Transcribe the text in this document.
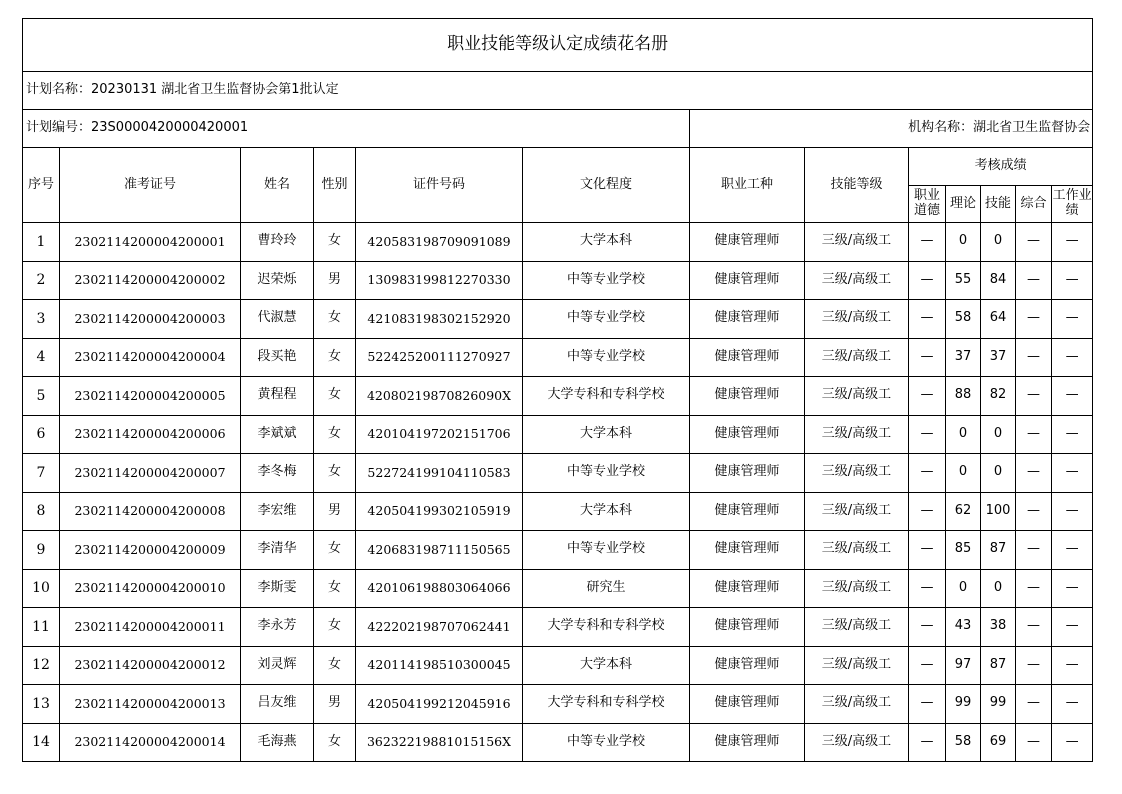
职业技能等级认定成绩花名册												
计划名称：20230131 湖北省卫生监督协会第1批认定												
计划编号：23S000042000042000​1						机构名称：湖北省卫生监督协会						
序号	准考证号	姓名	性别	证件号码	文化程度	职业工种	技能等级	考核成绩				
								职业道德	理论	技能	综合	工作业绩
1	2302114200004200001	曹玲玲	女	420583198709091089	大学本科	健康管理师	三级/高级工	—	0	0	—	—
2	2302114200004200002	迟荣烁	男	130983199812270330	中等专业学校	健康管理师	三级/高级工	—	55	84	—	—
3	2302114200004200003	代淑慧	女	421083198302152920	中等专业学校	健康管理师	三级/高级工	—	58	64	—	—
4	2302114200004200004	段买艳	女	522425200111270927	中等专业学校	健康管理师	三级/高级工	—	37	37	—	—
5	2302114200004200005	黄程程	女	42080219870826090X	大学专科和专科学校	健康管理师	三级/高级工	—	88	82	—	—
6	2302114200004200006	李斌斌	女	420104197202151706	大学本科	健康管理师	三级/高级工	—	0	0	—	—
7	2302114200004200007	李冬梅	女	522724199104110583	中等专业学校	健康管理师	三级/高级工	—	0	0	—	—
8	2302114200004200008	李宏维	男	420504199302105919	大学本科	健康管理师	三级/高级工	—	62	100	—	—
9	2302114200004200009	李清华	女	420683198711150565	中等专业学校	健康管理师	三级/高级工	—	85	87	—	—
10	2302114200004200010	李斯雯	女	420106198803064066	研究生	健康管理师	三级/高级工	—	0	0	—	—
11	2302114200004200011	李永芳	女	422202198707062441	大学专科和专科学校	健康管理师	三级/高级工	—	43	38	—	—
12	2302114200004200012	刘灵辉	女	420114198510300045	大学本科	健康管理师	三级/高级工	—	97	87	—	—
13	2302114200004200013	吕友维	男	420504199212045916	大学专科和专科学校	健康管理师	三级/高级工	—	99	99	—	—
14	2302114200004200014	毛海燕	女	36232219881015156X	中等专业学校	健康管理师	三级/高级工	—	58	69	—	—
